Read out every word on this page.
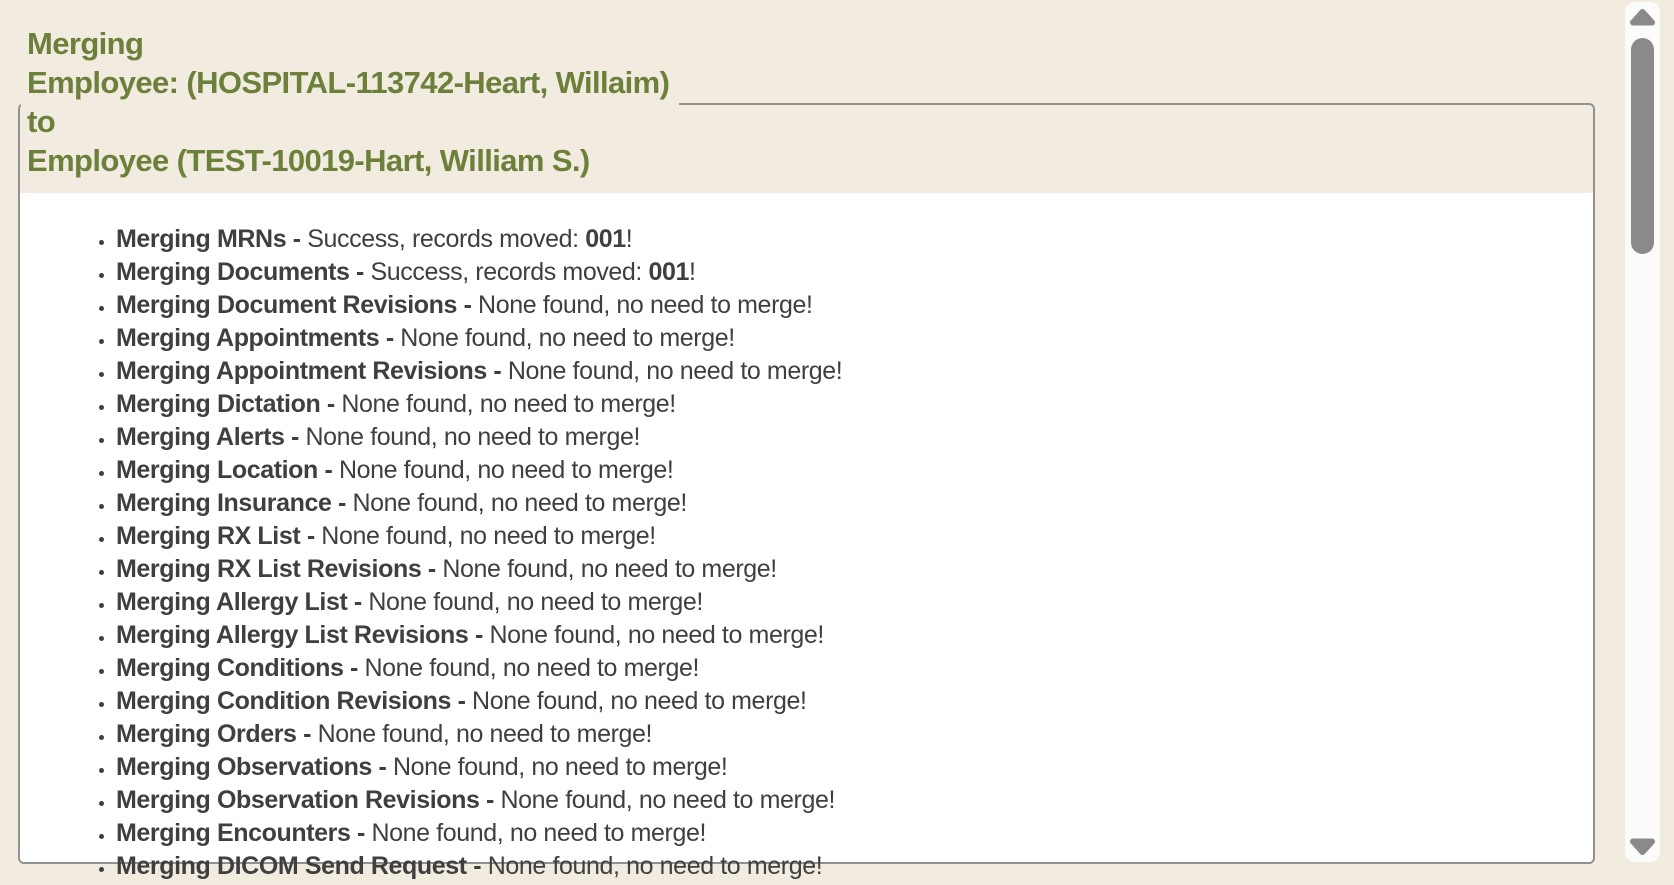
Merging
Employee: (HOSPITAL-113742-Heart, Willaim)
to
Employee (TEST-10019-Hart, William S.)
• Merging MRNs - Success, records moved: 001!
• Merging Documents - Success, records moved: 001!
• Merging Document Revisions - None found, no need to merge!
• Merging Appointments - None found, no need to merge!
• Merging Appointment Revisions - None found, no need to merge!
• Merging Dictation - None found, no need to merge!
• Merging Alerts - None found, no need to merge!
• Merging Location - None found, no need to merge!
• Merging Insurance - None found, no need to merge!
• Merging RX List - None found, no need to merge!
• Merging RX List Revisions - None found, no need to merge!
• Merging Allergy List - None found, no need to merge!
• Merging Allergy List Revisions - None found, no need to merge!
• Merging Conditions - None found, no need to merge!
• Merging Condition Revisions - None found, no need to merge!
• Merging Orders - None found, no need to merge!
• Merging Observations - None found, no need to merge!
• Merging Observation Revisions - None found, no need to merge!
• Merging Encounters - None found, no need to merge!
• Merging DICOM Send Request - None found, no need to merge!
